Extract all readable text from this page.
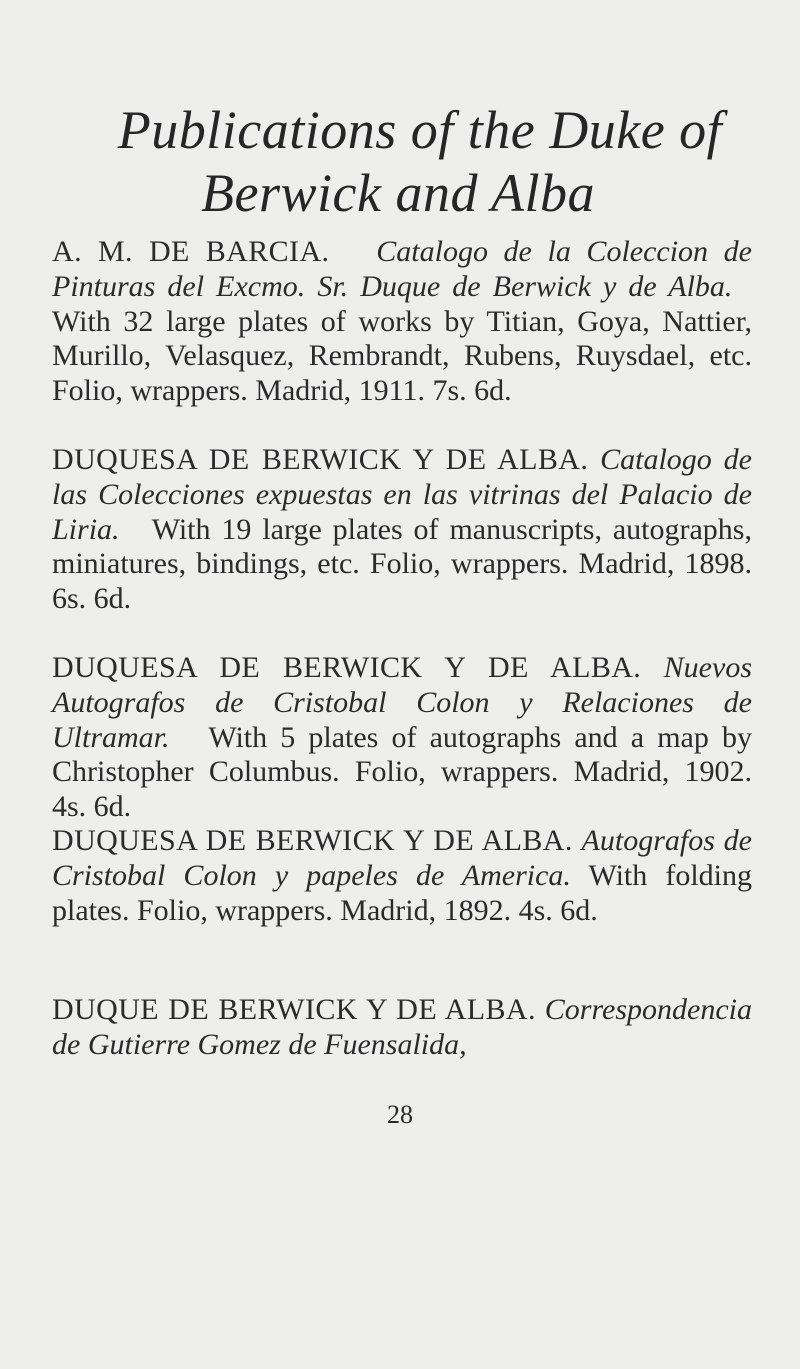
Publications of the Duke of
Berwick and Alba

A. M. DE BARCIA. Catalogo de la Coleccion de Pinturas del Excmo. Sr. Duque de Berwick y de Alba.   With 32 large plates of works by Titian, Goya, Nattier, Murillo, Velasquez, Rembrandt, Rubens, Ruysdael, etc. Folio, wrappers. Madrid, 1911. 7s. 6d.

DUQUESA DE BERWICK Y DE ALBA. Catalogo de las Colecciones expuestas en las vitrinas del Palacio de Liria. With 19 large plates of manuscripts, autographs, miniatures, bindings, etc. Folio, wrappers. Madrid, 1898. 6s. 6d.

DUQUESA DE BERWICK Y DE ALBA. Nuevos Autografos de Cristobal Colon y Relaciones de Ultramar. With 5 plates of autographs and a map by Christopher Columbus. Folio, wrappers. Madrid, 1902. 4s. 6d.

DUQUESA DE BERWICK Y DE ALBA. Autografos de Cristobal Colon y papeles de America. With folding plates. Folio, wrappers. Madrid, 1892. 4s. 6d.

DUQUE DE BERWICK Y DE ALBA. Correspondencia de Gutierre Gomez de Fuensalida,

28
